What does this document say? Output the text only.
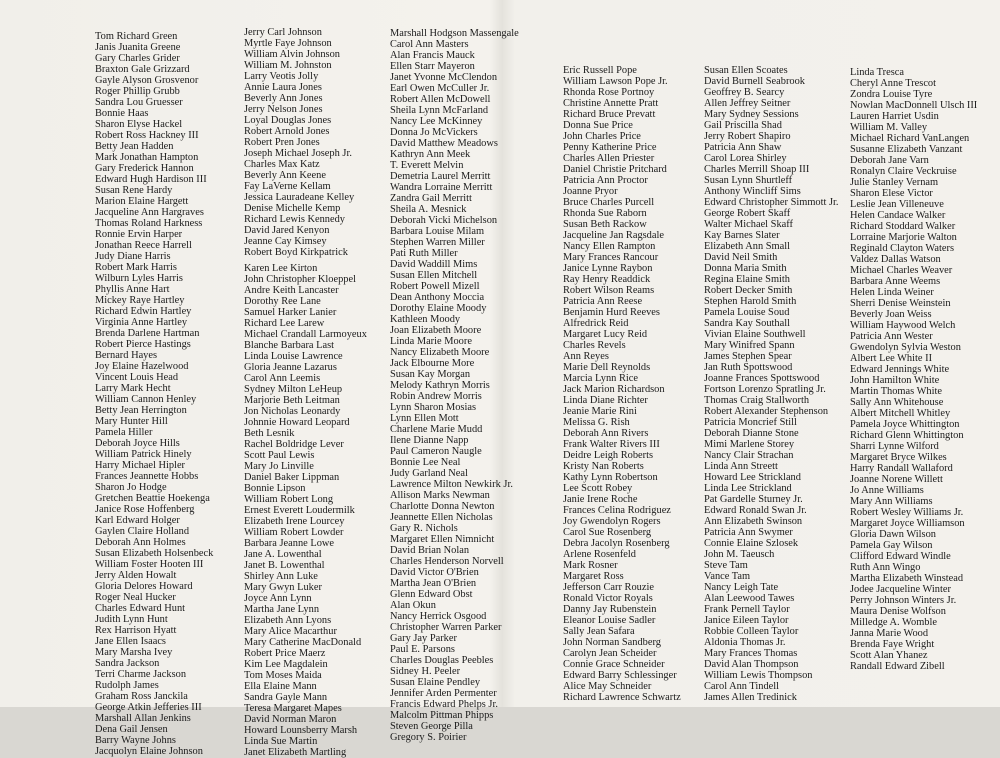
Tom Richard Green
Janis Juanita Greene
Gary Charles Grider
Braxton Gale Grizzard
Gayle Alyson Grosvenor
Roger Phillip Grubb
Sandra Lou Gruesser
Bonnie Haas
Sharon Elyse Hackel
Robert Ross Hackney III
Betty Jean Hadden
Mark Jonathan Hampton
Gary Frederick Hannon
Edward Hugh Hardison III
Susan Rene Hardy
Marion Elaine Hargett
Jacqueline Ann Hargraves
Thomas Roland Harkness
Ronnie Ervin Harper
Jonathan Reece Harrell
Judy Diane Harris
Robert Mark Harris
Wilburn Lyles Harris
Phyllis Anne Hart
Mickey Raye Hartley
Richard Edwin Hartley
Virginia Anne Hartley
Brenda Darlene Hartman
Robert Pierce Hastings
Bernard Hayes
Joy Elaine Hazelwood
Vincent Louis Head
Larry Mark Hecht
William Cannon Henley
Betty Jean Herrington
Mary Hunter Hill
Pamela Hiller
Deborah Joyce Hills
William Patrick Hinely
Harry Michael Hipler
Frances Jeannette Hobbs
Sharon Jo Hodge
Gretchen Beattie Hoekenga
Janice Rose Hoffenberg
Karl Edward Holger
Gaylen Claire Holland
Deborah Ann Holmes
Susan Elizabeth Holsenbeck
William Foster Hooten III
Jerry Alden Howalt
Gloria Delores Howard
Roger Neal Hucker
Charles Edward Hunt
Judith Lynn Hunt
Rex Harrison Hyatt
Jane Ellen Isaacs
Mary Marsha Ivey
Sandra Jackson
Terri Charme Jackson
Rudolph James
Graham Ross Janckila
George Atkin Jefferies III
Marshall Allan Jenkins
Dena Gail Jensen
Barry Wayne Johns
Jacquolyn Elaine Johnson
Jerry Carl Johnson
Myrtle Faye Johnson
William Alvin Johnson
William M. Johnston
Larry Veotis Jolly
Annie Laura Jones
Beverly Ann Jones
Jerry Nelson Jones
Loyal Douglas Jones
Robert Arnold Jones
Robert Pren Jones
Joseph Michael Joseph Jr.
Charles Max Katz
Beverly Ann Keene
Fay LaVerne Kellam
Jessica Lauradeane Kelley
Denise Michelle Kemp
Richard Lewis Kennedy
David Jared Kenyon
Jeanne Cay Kimsey
Robert Boyd Kirkpatrick
Karen Lee Kirton
John Christopher Kloeppel
Andre Keith Lancaster
Dorothy Ree Lane
Samuel Harker Lanier
Richard Lee Larew
Michael Crandall Larmoyeux
Blanche Barbara Last
Linda Louise Lawrence
Gloria Jeanne Lazarus
Carol Ann Leemis
Sydney Milton LeHeup
Marjorie Beth Leitman
Jon Nicholas Leonardy
Johnnie Howard Leopard
Beth Lesnik
Rachel Boldridge Lever
Scott Paul Lewis
Mary Jo Linville
Daniel Baker Lippman
Bonnie Lipson
William Robert Long
Ernest Everett Loudermilk
Elizabeth Irene Lourcey
William Robert Lowder
Barbara Jeanne Lowe
Jane A. Lowenthal
Janet B. Lowenthal
Shirley Ann Luke
Mary Gwyn Luker
Joyce Ann Lynn
Martha Jane Lynn
Elizabeth Ann Lyons
Mary Alice Macarthur
Mary Catherine MacDonald
Robert Price Maerz
Kim Lee Magdalein
Tom Moses Maida
Ella Elaine Mann
Sandra Gayle Mann
Teresa Margaret Mapes
David Norman Maron
Howard Lounsberry Marsh
Linda Sue Martin
Janet Elizabeth Martling
Marshall Hodgson Massengale
Carol Ann Masters
Alan Francis Mauck
Ellen Starr Mayeron
Janet Yvonne McClendon
Earl Owen McCuller Jr.
Robert Allen McDowell
Sheila Lynn McFarland
Nancy Lee McKinney
Donna Jo McVickers
David Matthew Meadows
Kathryn Ann Meek
T. Everett Melvin
Demetria Laurel Merritt
Wandra Lorraine Merritt
Zandra Gail Merritt
Sheila A. Mesnick
Deborah Vicki Michelson
Barbara Louise Milam
Stephen Warren Miller
Pati Ruth Miller
David Waddill Mims
Susan Ellen Mitchell
Robert Powell Mizell
Dean Anthony Moccia
Dorothy Elaine Moody
Kathleen Moody
Joan Elizabeth Moore
Linda Marie Moore
Nancy Elizabeth Moore
Jack Elbourne More
Susan Kay Morgan
Melody Kathryn Morris
Robin Andrew Morris
Lynn Sharon Mosias
Lynn Ellen Mott
Charlene Marie Mudd
Ilene Dianne Napp
Paul Cameron Naugle
Bonnie Lee Neal
Judy Garland Neal
Lawrence Milton Newkirk Jr.
Allison Marks Newman
Charlotte Donna Newton
Jeannette Ellen Nicholas
Gary R. Nichols
Margaret Ellen Nimnicht
David Brian Nolan
Charles Henderson Norvell
David Victor O'Brien
Martha Jean O'Brien
Glenn Edward Obst
Alan Okun
Nancy Herrick Osgood
Christopher Warren Parker
Gary Jay Parker
Paul E. Parsons
Charles Douglas Peebles
Sidney H. Peeler
Susan Elaine Pendley
Jennifer Arden Permenter
Francis Edward Phelps Jr.
Malcolm Pittman Phipps
Steven George Pilla
Gregory S. Poirier
Eric Russell Pope
William Lawson Pope Jr.
Rhonda Rose Portnoy
Christine Annette Pratt
Richard Bruce Prevatt
Donna Sue Price
John Charles Price
Penny Katherine Price
Charles Allen Priester
Daniel Christie Pritchard
Patricia Ann Proctor
Joanne Pryor
Bruce Charles Purcell
Rhonda Sue Raborn
Susan Beth Rackow
Jacqueline Jan Ragsdale
Nancy Ellen Rampton
Mary Frances Rancour
Janice Lynne Raybon
Ray Henry Readdick
Robert Wilson Reams
Patricia Ann Reese
Benjamin Hurd Reeves
Alfredrick Reid
Margaret Lucy Reid
Charles Revels
Ann Reyes
Marie Dell Reynolds
Marcia Lynn Rice
Jack Marion Richardson
Linda Diane Richter
Jeanie Marie Rini
Melissa G. Rish
Deborah Ann Rivers
Frank Walter Rivers III
Deidre Leigh Roberts
Kristy Nan Roberts
Kathy Lynn Robertson
Lee Scott Robey
Janie Irene Roche
Frances Celina Rodriguez
Joy Gwendolyn Rogers
Carol Sue Rosenberg
Debra Jacolyn Rosenberg
Arlene Rosenfeld
Mark Rosner
Margaret Ross
Jefferson Carr Rouzie
Ronald Victor Royals
Danny Jay Rubenstein
Eleanor Louise Sadler
Sally Jean Safara
John Norman Sandberg
Carolyn Jean Scheider
Connie Grace Schneider
Edward Barry Schlessinger
Alice May Schneider
Richard Lawrence Schwartz
Susan Ellen Scoates
David Burnell Seabrook
Geoffrey B. Searcy
Allen Jeffrey Seitner
Mary Sydney Sessions
Gail Priscilla Shad
Jerry Robert Shapiro
Patricia Ann Shaw
Carol Lorea Shirley
Charles Merrill Shoap III
Susan Lynn Shurtleff
Anthony Wincliff Sims
Edward Christopher Simmott Jr.
George Robert Skaff
Walter Michael Skaff
Kay Barnes Slater
Elizabeth Ann Small
David Neil Smith
Donna Maria Smith
Regina Elaine Smith
Robert Decker Smith
Stephen Harold Smith
Pamela Louise Soud
Sandra Kay Southall
Vivian Elaine Southwell
Mary Winifred Spann
James Stephen Spear
Jan Ruth Spottswood
Joanne Frances Spottswood
Fortson Lorenzo Spratling Jr.
Thomas Craig Stallworth
Robert Alexander Stephenson
Patricia Moncrief Still
Deborah Dianne Stone
Mimi Marlene Storey
Nancy Clair Strachan
Linda Ann Streett
Howard Lee Strickland
Linda Lee Strickland
Pat Gardelle Sturney Jr.
Edward Ronald Swan Jr.
Ann Elizabeth Swinson
Patricia Ann Swymer
Connie Elaine Szlosek
John M. Taeusch
Steve Tam
Vance Tam
Nancy Leigh Tate
Alan Leewood Tawes
Frank Pernell Taylor
Janice Eileen Taylor
Robbie Colleen Taylor
Aldonia Thomas Jr.
Mary Frances Thomas
David Alan Thompson
William Lewis Thompson
Carol Ann Tindell
James Allen Tredinick
Linda Tresca
Cheryl Anne Trescot
Zondra Louise Tyre
Nowlan MacDonnell Ulsch III
Lauren Harriet Usdin
William M. Valley
Michael Richard VanLangen
Susanne Elizabeth Vanzant
Deborah Jane Varn
Ronalyn Claire Veckruise
Julie Stanley Vernam
Sharon Elese Victor
Leslie Jean Villeneuve
Helen Candace Walker
Richard Stoddard Walker
Lorraine Marjorie Walton
Reginald Clayton Waters
Valdez Dallas Watson
Michael Charles Weaver
Barbara Anne Weems
Helen Linda Weiner
Sherri Denise Weinstein
Beverly Joan Weiss
William Haywood Welch
Patricia Ann Wester
Gwendolyn Sylvia Weston
Albert Lee White II
Edward Jennings White
John Hamilton White
Martin Thomas White
Sally Ann Whitehouse
Albert Mitchell Whitley
Pamela Joyce Whittington
Richard Glenn Whittington
Sharri Lynne Wilford
Margaret Bryce Wilkes
Harry Randall Wallaford
Joanne Norene Willett
Jo Anne Williams
Mary Ann Williams
Robert Wesley Williams Jr.
Margaret Joyce Williamson
Gloria Dawn Wilson
Pamela Gay Wilson
Clifford Edward Windle
Ruth Ann Wingo
Martha Elizabeth Winstead
Jodee Jacqueline Winter
Perry Johnson Winters Jr.
Maura Denise Wolfson
Milledge A. Womble
Janna Marie Wood
Brenda Faye Wright
Scott Alan Yhanez
Randall Edward Zibell
